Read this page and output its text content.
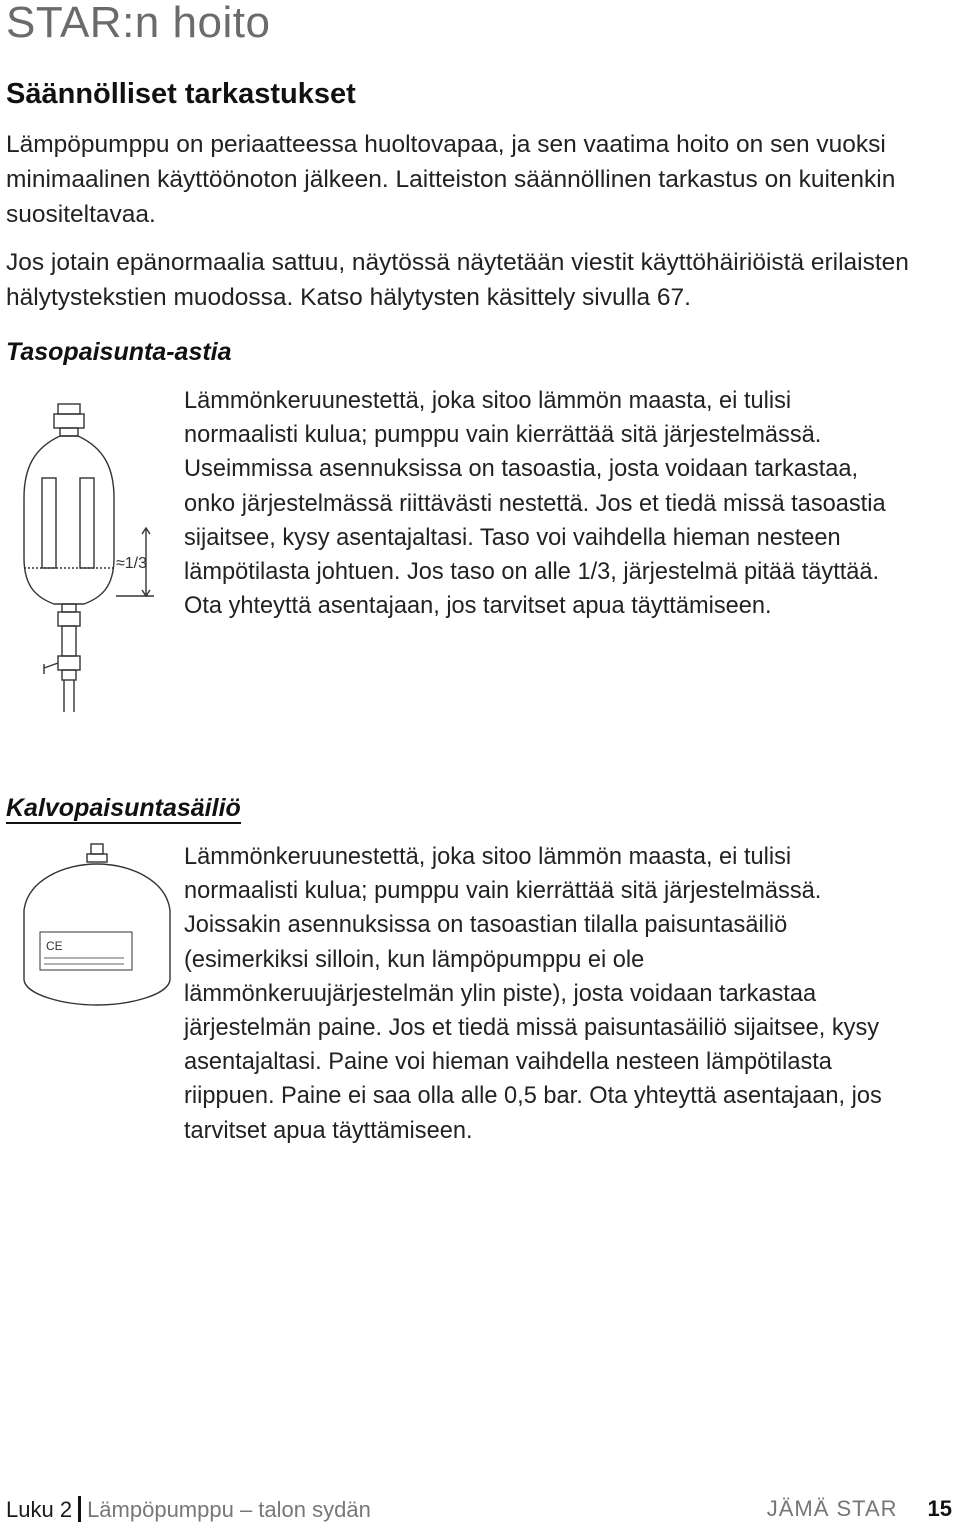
STAR:n hoito
Säännölliset tarkastukset
Lämpöpumppu on periaatteessa huoltovapaa, ja sen vaatima hoito on sen vuoksi minimaalinen käyttöönoton jälkeen. Laitteiston säännöllinen tarkastus on kuitenkin suositeltavaa.
Jos jotain epänormaalia sattuu, näytössä näytetään viestit käyttöhäiriöistä erilaisten hälytystekstien muodossa. Katso hälytysten käsittely sivulla 67.
Tasopaisunta-astia
≈1/3
Lämmönkeruunestettä, joka sitoo lämmön maasta, ei tulisi normaalisti kulua; pumppu vain kierrättää sitä järjestelmässä. Useimmissa asennuksissa on tasoastia, josta voidaan tarkastaa, onko järjestelmässä riittävästi nestettä. Jos et tiedä missä tasoastia sijaitsee, kysy asentajaltasi. Taso voi vaihdella hieman nesteen lämpötilasta johtuen. Jos taso on alle 1/3, järjestelmä pitää täyttää. Ota yhteyttä asentajaan, jos tarvitset apua täyttämiseen.
Kalvopaisuntasäiliö
CE
Lämmönkeruunestettä, joka sitoo lämmön maasta, ei tulisi normaalisti kulua; pumppu vain kierrättää sitä järjestelmässä. Joissakin asennuksissa on tasoastian tilalla paisuntasäiliö (esimerkiksi silloin, kun lämpöpumppu ei ole lämmönkeruujärjestelmän ylin piste), josta voidaan tarkastaa järjestelmän paine. Jos et tiedä missä paisuntasäiliö sijaitsee, kysy asentajaltasi. Paine voi hieman vaihdella nesteen lämpötilasta riippuen. Paine ei saa olla alle 0,5 bar. Ota yhteyttä asentajaan, jos tarvitset apua täyttämiseen.
Luku 2 Lämpöpumppu – talon sydän	JÄMÄ STAR 15
